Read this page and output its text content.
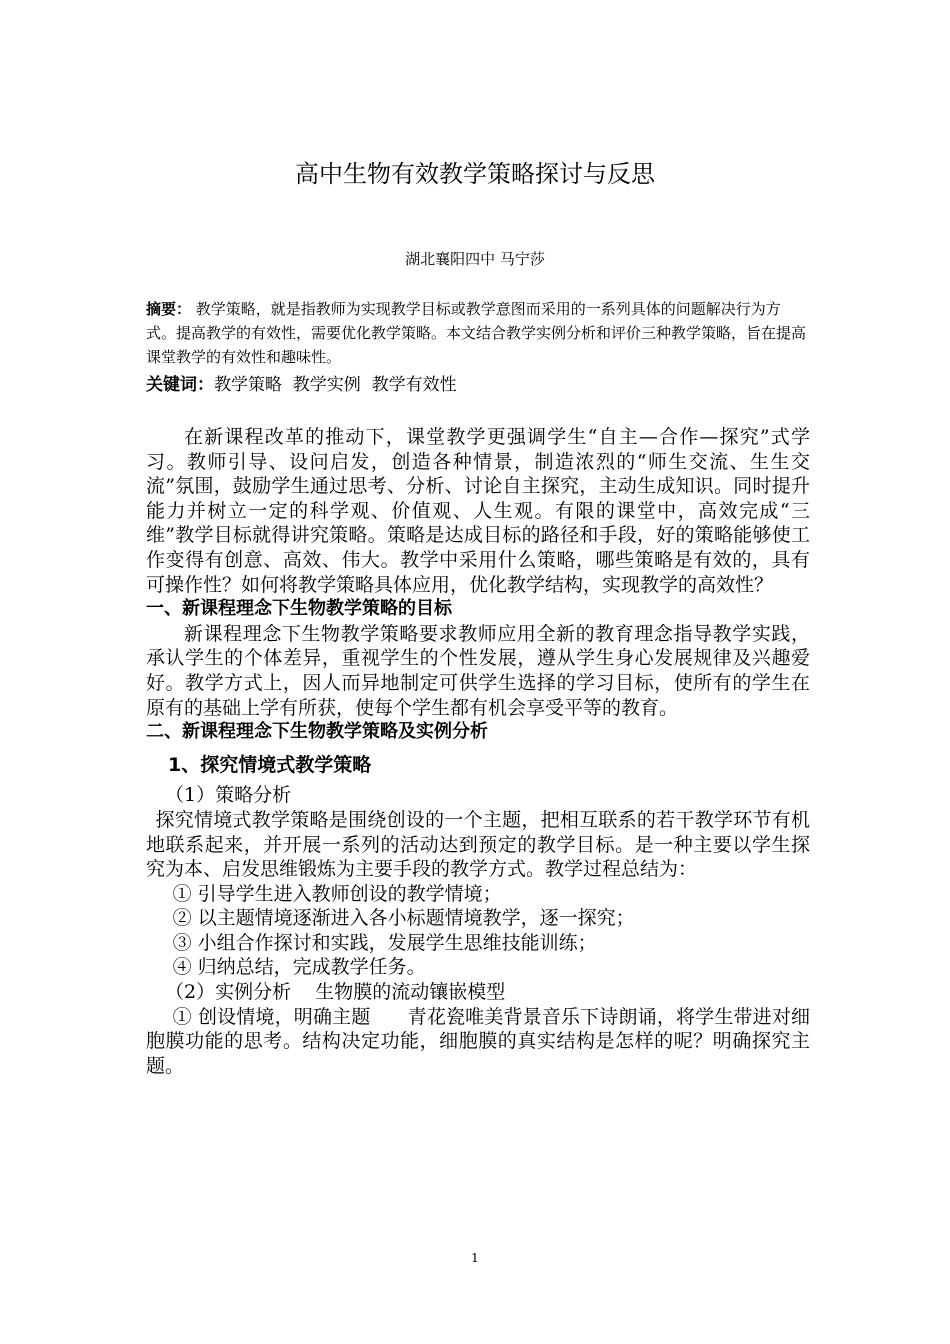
高中生物有效教学策略探讨与反思
湖北襄阳四中 马宁莎
摘要： 教学策略，就是指教师为实现教学目标或教学意图而采用的一系列具体的问题解决行为方式。提高教学的有效性，需要优化教学策略。本文结合教学实例分析和评价三种教学策略，旨在提高课堂教学的有效性和趣味性。
关键词：教学策略  教学实例  教学有效性

在新课程改革的推动下，课堂教学更强调学生“自主—合作—探究”式学习。教师引导、设问启发，创造各种情景，制造浓烈的“师生交流、生生交流”氛围，鼓励学生通过思考、分析、讨论自主探究，主动生成知识。同时提升能力并树立一定的科学观、价值观、人生观。有限的课堂中，高效完成“三维”教学目标就得讲究策略。策略是达成目标的路径和手段，好的策略能够使工作变得有创意、高效、伟大。教学中采用什么策略，哪些策略是有效的，具有可操作性？如何将教学策略具体应用，优化教学结构，实现教学的高效性？

一、新课程理念下生物教学策略的目标

新课程理念下生物教学策略要求教师应用全新的教育理念指导教学实践，承认学生的个体差异，重视学生的个性发展，遵从学生身心发展规律及兴趣爱好。教学方式上，因人而异地制定可供学生选择的学习目标，使所有的学生在原有的基础上学有所获，使每个学生都有机会享受平等的教育。

二、新课程理念下生物教学策略及实例分析

1、探究情境式教学策略

（1）策略分析

探究情境式教学策略是围绕创设的一个主题，把相互联系的若干教学环节有机地联系起来，并开展一系列的活动达到预定的教学目标。是一种主要以学生探究为本、启发思维锻炼为主要手段的教学方式。教学过程总结为：

① 引导学生进入教师创设的教学情境；

② 以主题情境逐渐进入各小标题情境教学，逐一探究；

③ 小组合作探讨和实践，发展学生思维技能训练；

④ 归纳总结，完成教学任务。

（2）实例分析    生物膜的流动镶嵌模型

① 创设情境，明确主题      青花瓷唯美背景音乐下诗朗诵，将学生带进对细胞膜功能的思考。结构决定功能，细胞膜的真实结构是怎样的呢？明确探究主题。

1
